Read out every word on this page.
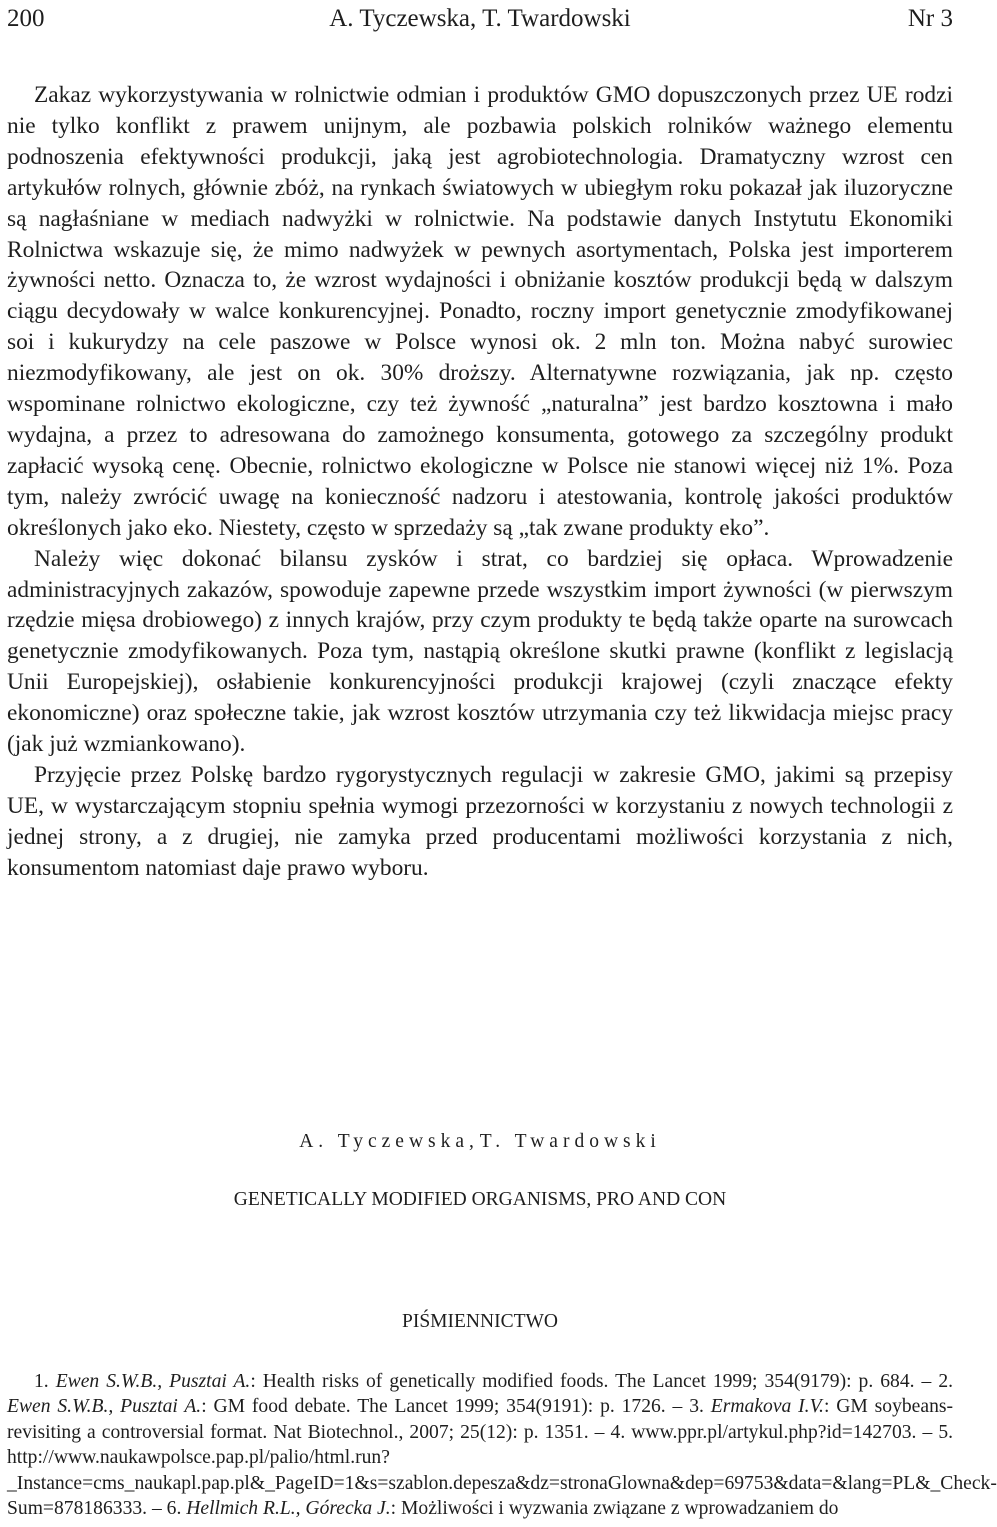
200	A. Tyczewska, T. Twardowski	Nr 3

Zakaz wykorzystywania w rolnictwie odmian i produktów GMO dopuszczonych przez UE rodzi nie tylko konflikt z prawem unijnym, ale pozbawia polskich rolników ważnego elementu podnoszenia efektywności produkcji, jaką jest agrobiotechnologia. Dramatyczny wzrost cen artykułów rolnych, głównie zbóż, na rynkach światowych w ubiegłym roku pokazał jak iluzoryczne są nagłaśniane w mediach nadwyżki w rolnictwie. Na podstawie danych Instytutu Ekonomiki Rolnictwa wskazuje się, że mimo nadwyżek w pewnych asortymentach, Polska jest importerem żywności netto. Oznacza to, że wzrost wydajności i obniżanie kosztów produkcji będą w dalszym ciągu decydowały w walce konkurencyjnej. Ponadto, roczny import genetycznie zmodyfikowanej soi i kukurydzy na cele paszowe w Polsce wynosi ok. 2 mln ton. Można nabyć surowiec niezmodyfikowany, ale jest on ok. 30% droższy. Alternatywne rozwiązania, jak np. często wspominane rolnictwo ekologiczne, czy też żywność „naturalna” jest bardzo kosztowna i mało wydajna, a przez to adresowana do zamożnego konsumenta, gotowego za szczególny produkt zapłacić wysoką cenę. Obecnie, rolnictwo ekologiczne w Polsce nie stanowi więcej niż 1%. Poza tym, należy zwrócić uwagę na konieczność nadzoru i atestowania, kontrolę jakości produktów określonych jako eko. Niestety, często w sprzedaży są „tak zwane produkty eko”.

Należy więc dokonać bilansu zysków i strat, co bardziej się opłaca. Wprowadzenie administracyjnych zakazów, spowoduje zapewne przede wszystkim import żywności (w pierwszym rzędzie mięsa drobiowego) z innych krajów, przy czym produkty te będą także oparte na surowcach genetycznie zmodyfikowanych. Poza tym, nastąpią określone skutki prawne (konflikt z legislacją Unii Europejskiej), osłabienie konkurencyjności produkcji krajowej (czyli znaczące efekty ekonomiczne) oraz społeczne takie, jak wzrost kosztów utrzymania czy też likwidacja miejsc pracy (jak już wzmiankowano).

Przyjęcie przez Polskę bardzo rygorystycznych regulacji w zakresie GMO, jakimi są przepisy UE, w wystarczającym stopniu spełnia wymogi przezorności w korzystaniu z nowych technologii z jednej strony, a z drugiej, nie zamyka przed producentami możliwości korzystania z nich, konsumentom natomiast daje prawo wyboru.

A. Tyczewska, T. Twardowski
GENETICALLY MODIFIED ORGANISMS, PRO AND CON
PIŚMIENNICTWO

1. Ewen S.W.B., Pusztai A.: Health risks of genetically modified foods. The Lancet 1999; 354(9179): p. 684. – 2. Ewen S.W.B., Pusztai A.: GM food debate. The Lancet 1999; 354(9191): p. 1726. – 3. Ermakova I.V.: GM soybeans-revisiting a controversial format. Nat Biotechnol., 2007; 25(12): p. 1351. – 4. www.ppr.pl/artykul.php?id=142703. – 5. http://www.naukawpolsce.pap.pl/palio/html.run?_Instance=cms_naukapl.pap.pl&_PageID=1&s=szablon.depesza&dz=stronaGlowna&dep=69753&data=&lang=PL&_CheckSum=878186333. – 6. Hellmich R.L., Górecka J.: Możliwości i wyzwania związane z wprowadzaniem do
